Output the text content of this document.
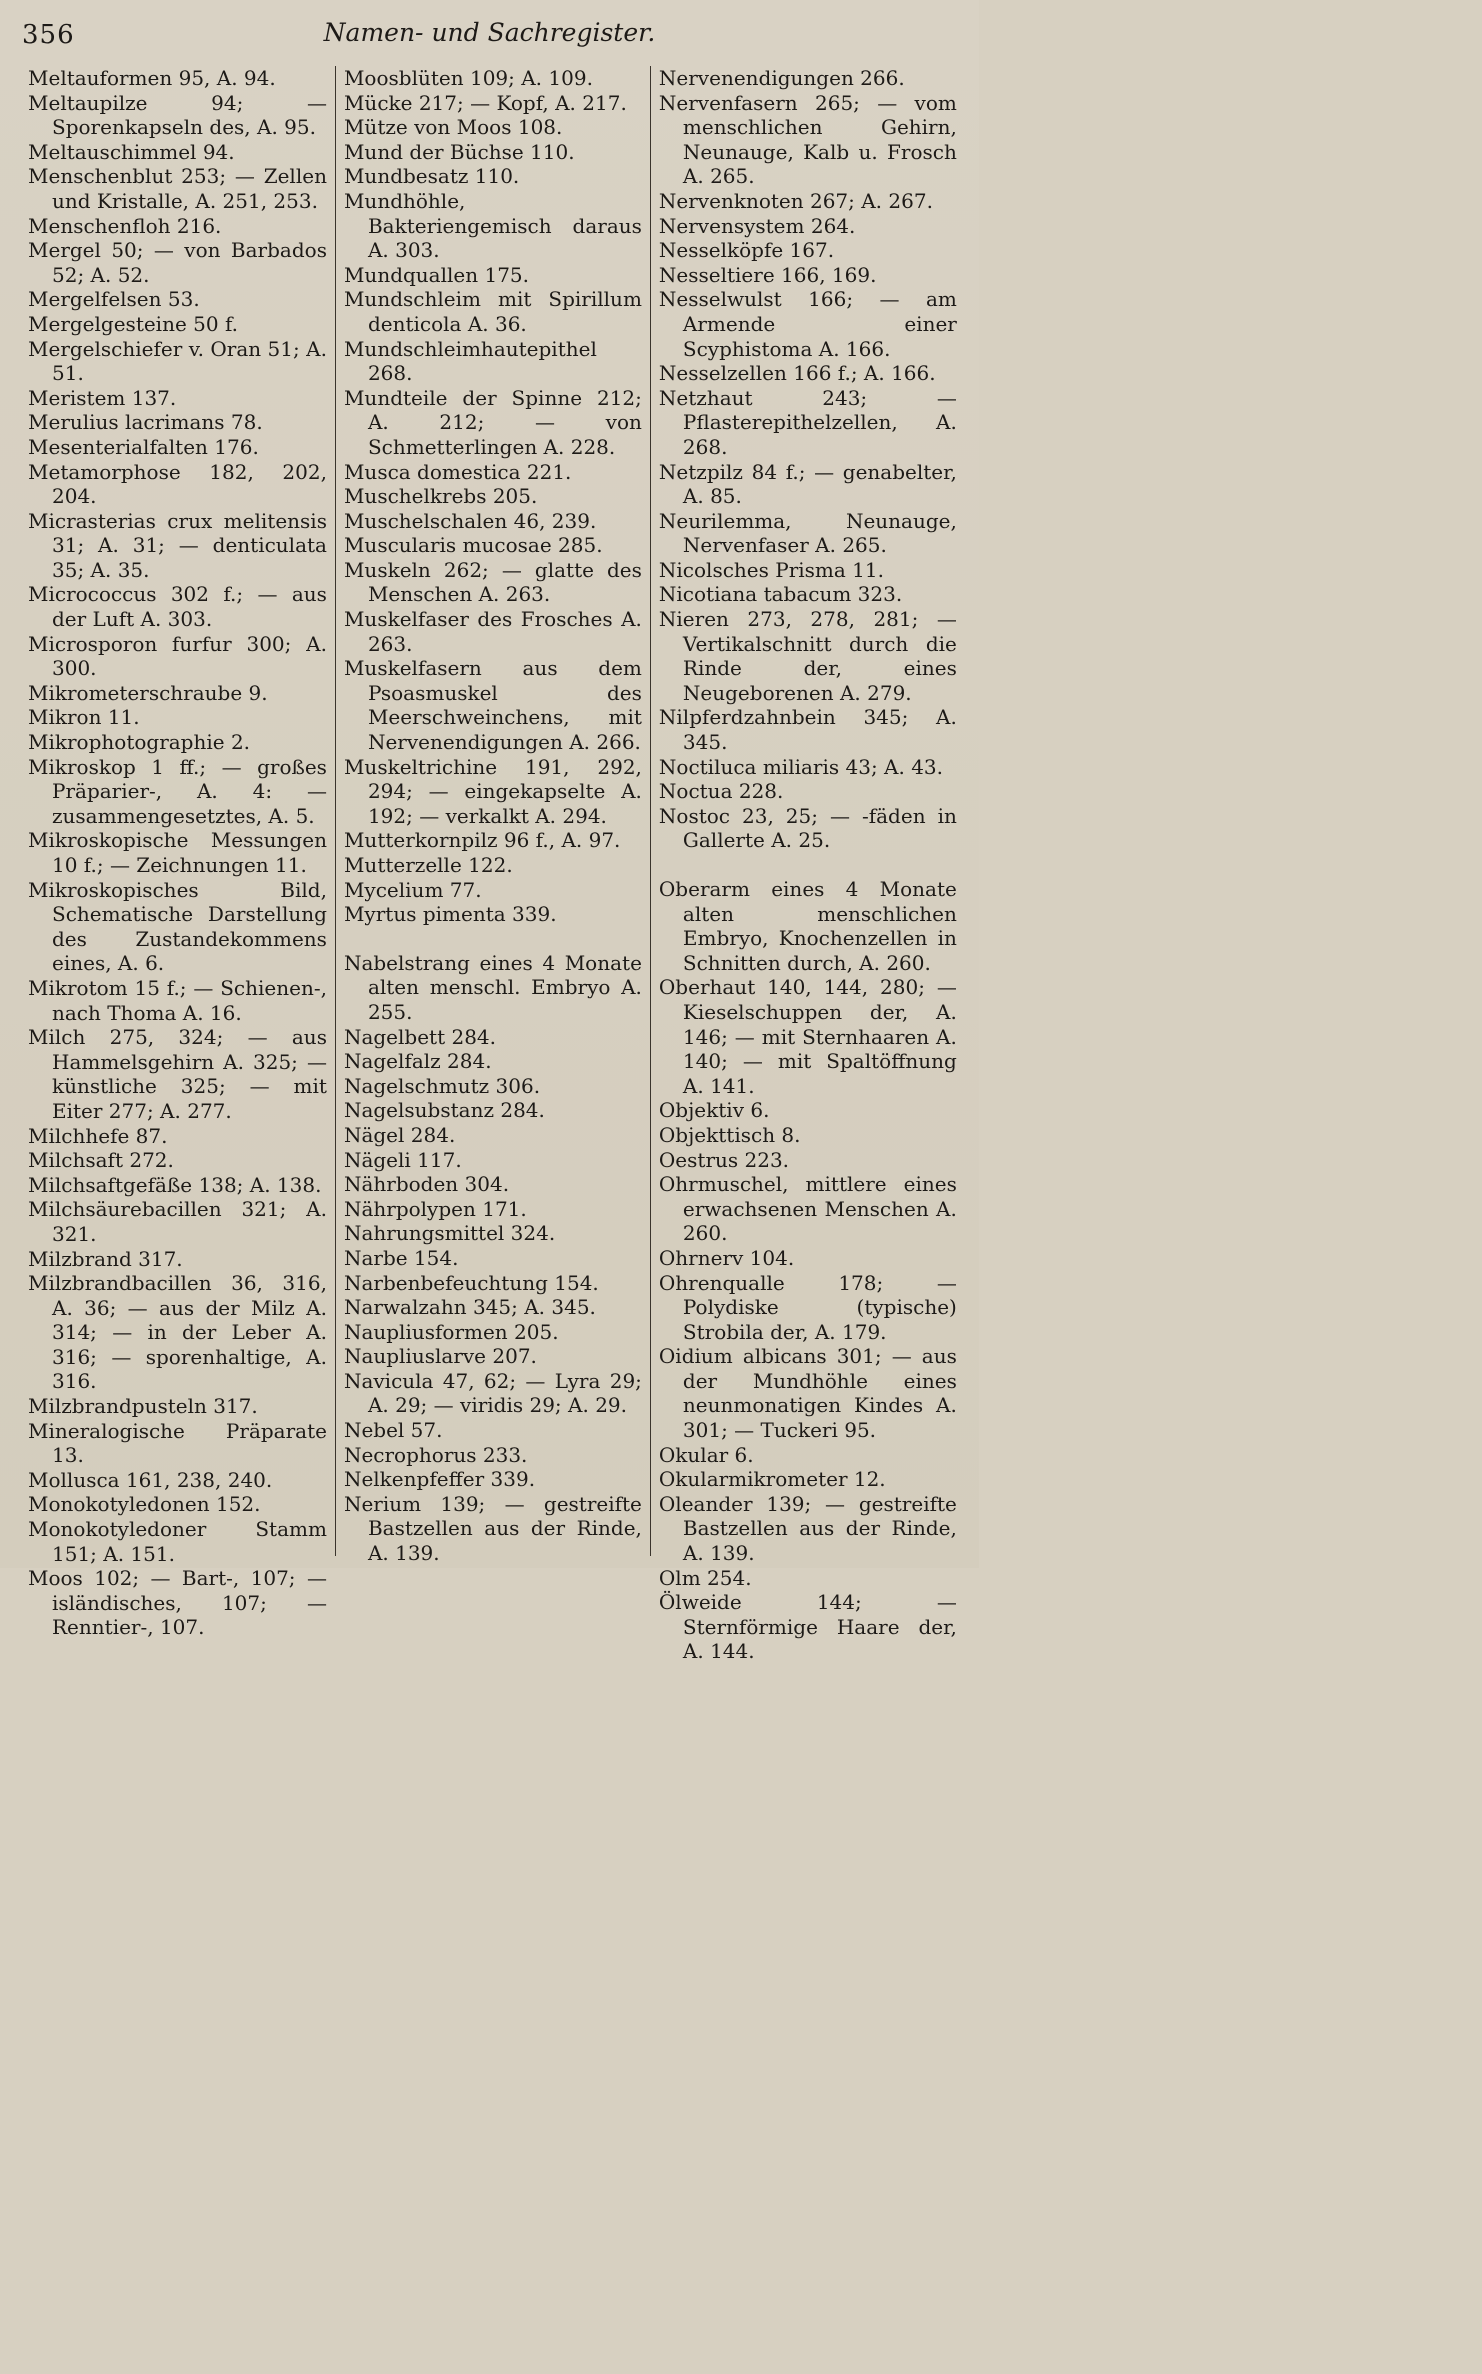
356	Namen- und Sachregister.

Meltauformen 95, A. 94.

Meltaupilze 94; — Sporenkapseln des, A. 95.

Meltauschimmel 94.

Menschenblut 253; — Zellen und Kristalle, A. 251, 253.

Menschenfloh 216.

Mergel 50; — von Barbados 52; A. 52.

Mergelfelsen 53.

Mergelgesteine 50 f.

Mergelschiefer v. Oran 51; A. 51.

Meristem 137.

Merulius lacrimans 78.

Mesenterialfalten 176.

Metamorphose 182, 202, 204.

Micrasterias crux melitensis 31; A. 31; — denticulata 35; A. 35.

Micrococcus 302 f.; — aus der Luft A. 303.

Microsporon furfur 300; A. 300.

Mikrometerschraube 9.

Mikron 11.

Mikrophotographie 2.

Mikroskop 1 ff.; — großes Präparier-, A. 4: — zusammengesetztes, A. 5.

Mikroskopische Messungen 10 f.; — Zeichnungen 11.

Mikroskopisches Bild, Schematische Darstellung des Zustandekommens eines, A. 6.

Mikrotom 15 f.; — Schienen-, nach Thoma A. 16.

Milch 275, 324; — aus Hammelsgehirn A. 325; — künstliche 325; — mit Eiter 277; A. 277.

Milchhefe 87.

Milchsaft 272.

Milchsaftgefäße 138; A. 138.

Milchsäurebacillen 321; A. 321.

Milzbrand 317.

Milzbrandbacillen 36, 316, A. 36; — aus der Milz A. 314; — in der Leber A. 316; — sporenhaltige, A. 316.

Milzbrandpusteln 317.

Mineralogische Präparate 13.

Mollusca 161, 238, 240.

Monokotyledonen 152.

Monokotyledoner Stamm 151; A. 151.

Moos 102; — Bart-, 107; — isländisches, 107; — Renntier-, 107.

Moosblüten 109; A. 109.

Mücke 217; — Kopf, A. 217.

Mütze von Moos 108.

Mund der Büchse 110.

Mundbesatz 110.

Mundhöhle, Bakteriengemisch daraus A. 303.

Mundquallen 175.

Mundschleim mit Spirillum denticola A. 36.

Mundschleimhautepithel 268.

Mundteile der Spinne 212; A. 212; — von Schmetterlingen A. 228.

Musca domestica 221.

Muschelkrebs 205.

Muschelschalen 46, 239.

Muscularis mucosae 285.

Muskeln 262; — glatte des Menschen A. 263.

Muskelfaser des Frosches A. 263.

Muskelfasern aus dem Psoasmuskel des Meerschweinchens, mit Nervenendigungen A. 266.

Muskeltrichine 191, 292, 294; — eingekapselte A. 192; — verkalkt A. 294.

Mutterkornpilz 96 f., A. 97.

Mutterzelle 122.

Mycelium 77.

Myrtus pimenta 339.

Nabelstrang eines 4 Monate alten menschl. Embryo A. 255.

Nagelbett 284.

Nagelfalz 284.

Nagelschmutz 306.

Nagelsubstanz 284.

Nägel 284.

Nägeli 117.

Nährboden 304.

Nährpolypen 171.

Nahrungsmittel 324.

Narbe 154.

Narbenbefeuchtung 154.

Narwalzahn 345; A. 345.

Naupliusformen 205.

Naupliuslarve 207.

Navicula 47, 62; — Lyra 29; A. 29; — viridis 29; A. 29.

Nebel 57.

Necrophorus 233.

Nelkenpfeffer 339.

Nerium 139; — gestreifte Bastzellen aus der Rinde, A. 139.

Nervenendigungen 266.

Nervenfasern 265; — vom menschlichen Gehirn, Neunauge, Kalb u. Frosch A. 265.

Nervenknoten 267; A. 267.

Nervensystem 264.

Nesselköpfe 167.

Nesseltiere 166, 169.

Nesselwulst 166; — am Armende einer Scyphistoma A. 166.

Nesselzellen 166 f.; A. 166.

Netzhaut 243; — Pflasterepithelzellen, A. 268.

Netzpilz 84 f.; — genabelter, A. 85.

Neurilemma, Neunauge, Nervenfaser A. 265.

Nicolsches Prisma 11.

Nicotiana tabacum 323.

Nieren 273, 278, 281; — Vertikalschnitt durch die Rinde der, eines Neugeborenen A. 279.

Nilpferdzahnbein 345; A. 345.

Noctiluca miliaris 43; A. 43.

Noctua 228.

Nostoc 23, 25; — -fäden in Gallerte A. 25.

Oberarm eines 4 Monate alten menschlichen Embryo, Knochenzellen in Schnitten durch, A. 260.

Oberhaut 140, 144, 280; — Kieselschuppen der, A. 146; — mit Sternhaaren A. 140; — mit Spaltöffnung A. 141.

Objektiv 6.

Objekttisch 8.

Oestrus 223.

Ohrmuschel, mittlere eines erwachsenen Menschen A. 260.

Ohrnerv 104.

Ohrenqualle 178; — Polydiske (typische) Strobila der, A. 179.

Oidium albicans 301; — aus der Mundhöhle eines neunmonatigen Kindes A. 301; — Tuckeri 95.

Okular 6.

Okularmikrometer 12.

Oleander 139; — gestreifte Bastzellen aus der Rinde, A. 139.

Olm 254.

Ölweide 144; — Sternförmige Haare der, A. 144.
